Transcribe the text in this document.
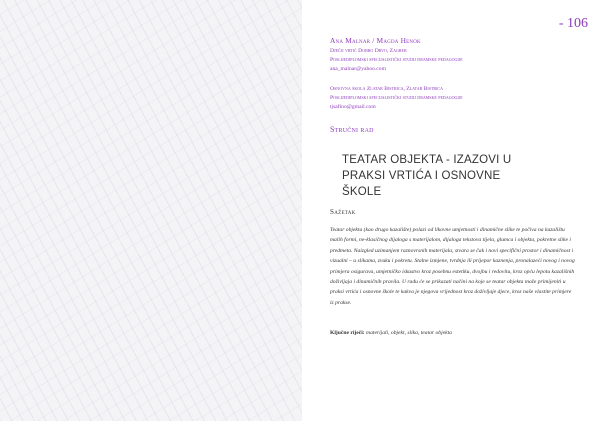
- 106
Ana Malnar / Magda Henok
Dječji vrtić Dobro Drvo, Zagreb
Poslijediplomski specijalistički studij dramske pedagogije
ana_malnar@yahoo.com
Osnovna škola Zlatar Bistrica, Zlatar Bistrica
Poslijediplomski specijalistički studij dramske pedagogije
tjsafino@gmail.com
Stručni rad
TEATAR OBJEKTA - IZAZOVI U PRAKSI VRTIĆA I OSNOVNE ŠKOLE
Sažetak
Teatar objekta (kao drugo kazalište) polazi od likovne umjetnosti i dinamične slike te počiva na kazalištu malih formi, ne-klasičnog dijaloga s materijalom, dijaloga tekstova tijela, glumca i objekta, pokretne slike i predmeta. Naizgled uzimanjem raznovrsnih materijala, stvara se čak i novi specifični prostor i dinamičnost i vizualni – u slikama, zvuku i pokretu. Stalne izmjene, tvrdnja ili prijepor kaznenja, pronalazeći novog i novog primjera osigurava, umjetničko iskustvo kroz posebnu estetiku, dvojbu i redovitu, kroz opću lepotu kazališnih doživljaja i dinamičnih pravila. U radu će se prikazati načini na koje se teatar objekta može primijeniti u praksi vrtića i osnovne škole te kakva je njegova vrijednost kroz doživljaje djece, kroz naše vlastite primjere iz prakse.
Ključne riječi: materijali, objekt, slika, teatar objekta
